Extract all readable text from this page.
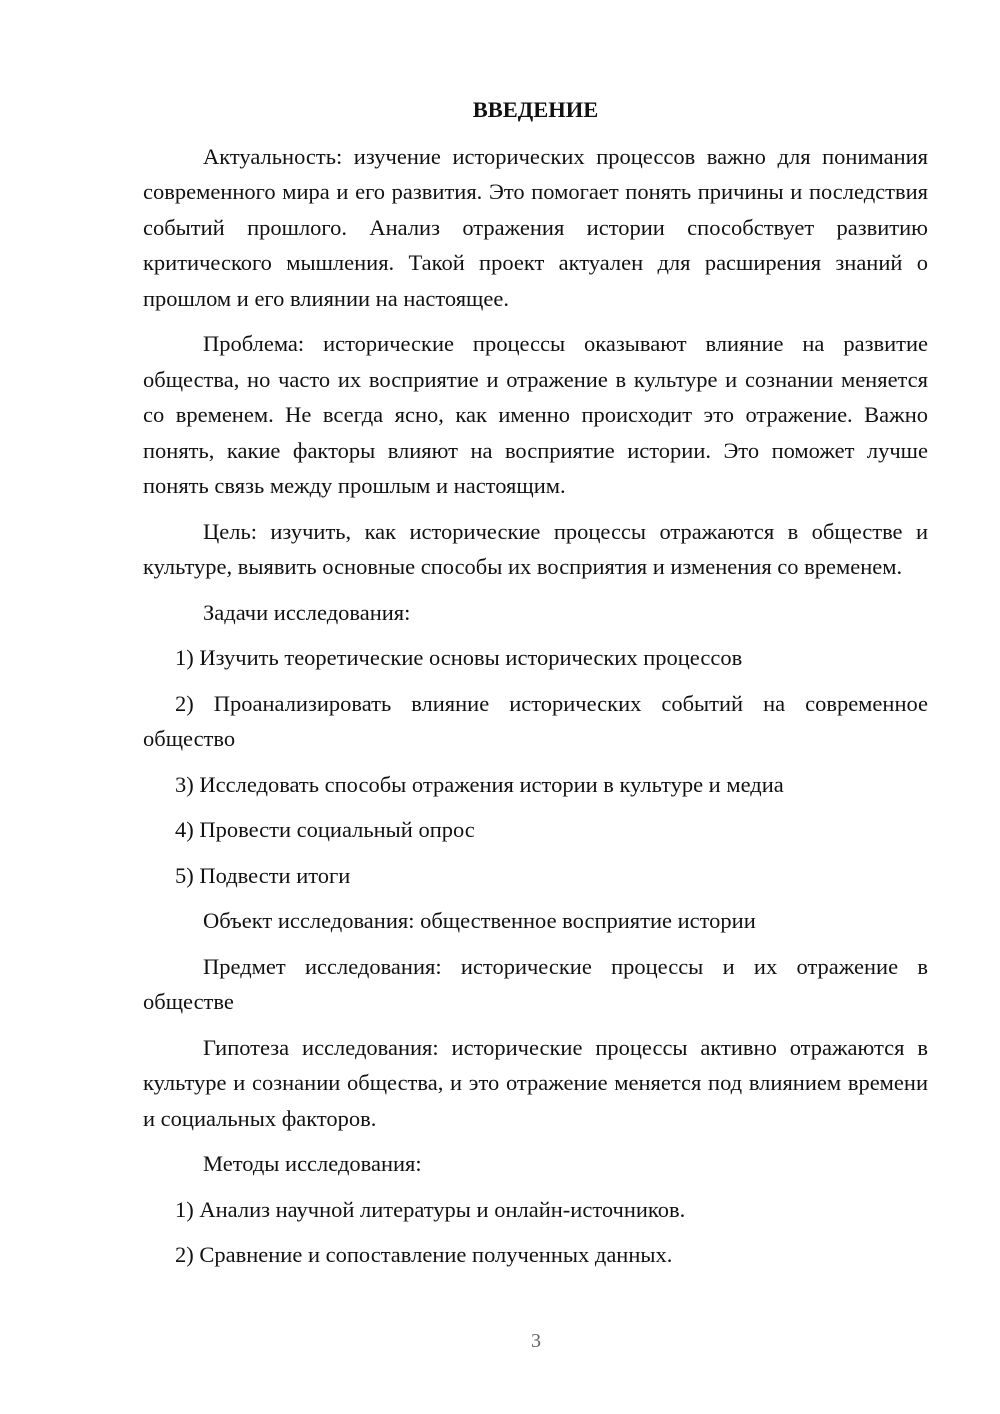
ВВЕДЕНИЕ

Актуальность: изучение исторических процессов важно для понимания современного мира и его развития. Это помогает понять причины и последствия событий прошлого. Анализ отражения истории способствует развитию критического мышления. Такой проект актуален для расширения знаний о прошлом и его влиянии на настоящее.

Проблема: исторические процессы оказывают влияние на развитие общества, но часто их восприятие и отражение в культуре и сознании меняется со временем. Не всегда ясно, как именно происходит это отражение. Важно понять, какие факторы влияют на восприятие истории. Это поможет лучше понять связь между прошлым и настоящим.

Цель: изучить, как исторические процессы отражаются в обществе и культуре, выявить основные способы их восприятия и изменения со временем.

Задачи исследования:

1) Изучить теоретические основы исторических процессов

2) Проанализировать влияние исторических событий на современное общество

3) Исследовать способы отражения истории в культуре и медиа

4) Провести социальный опрос

5) Подвести итоги

Объект исследования: общественное восприятие истории

Предмет исследования: исторические процессы и их отражение в обществе

Гипотеза исследования: исторические процессы активно отражаются в культуре и сознании общества, и это отражение меняется под влиянием времени и социальных факторов.

Методы исследования:

1) Анализ научной литературы и онлайн-источников.

2) Сравнение и сопоставление полученных данных.

3
